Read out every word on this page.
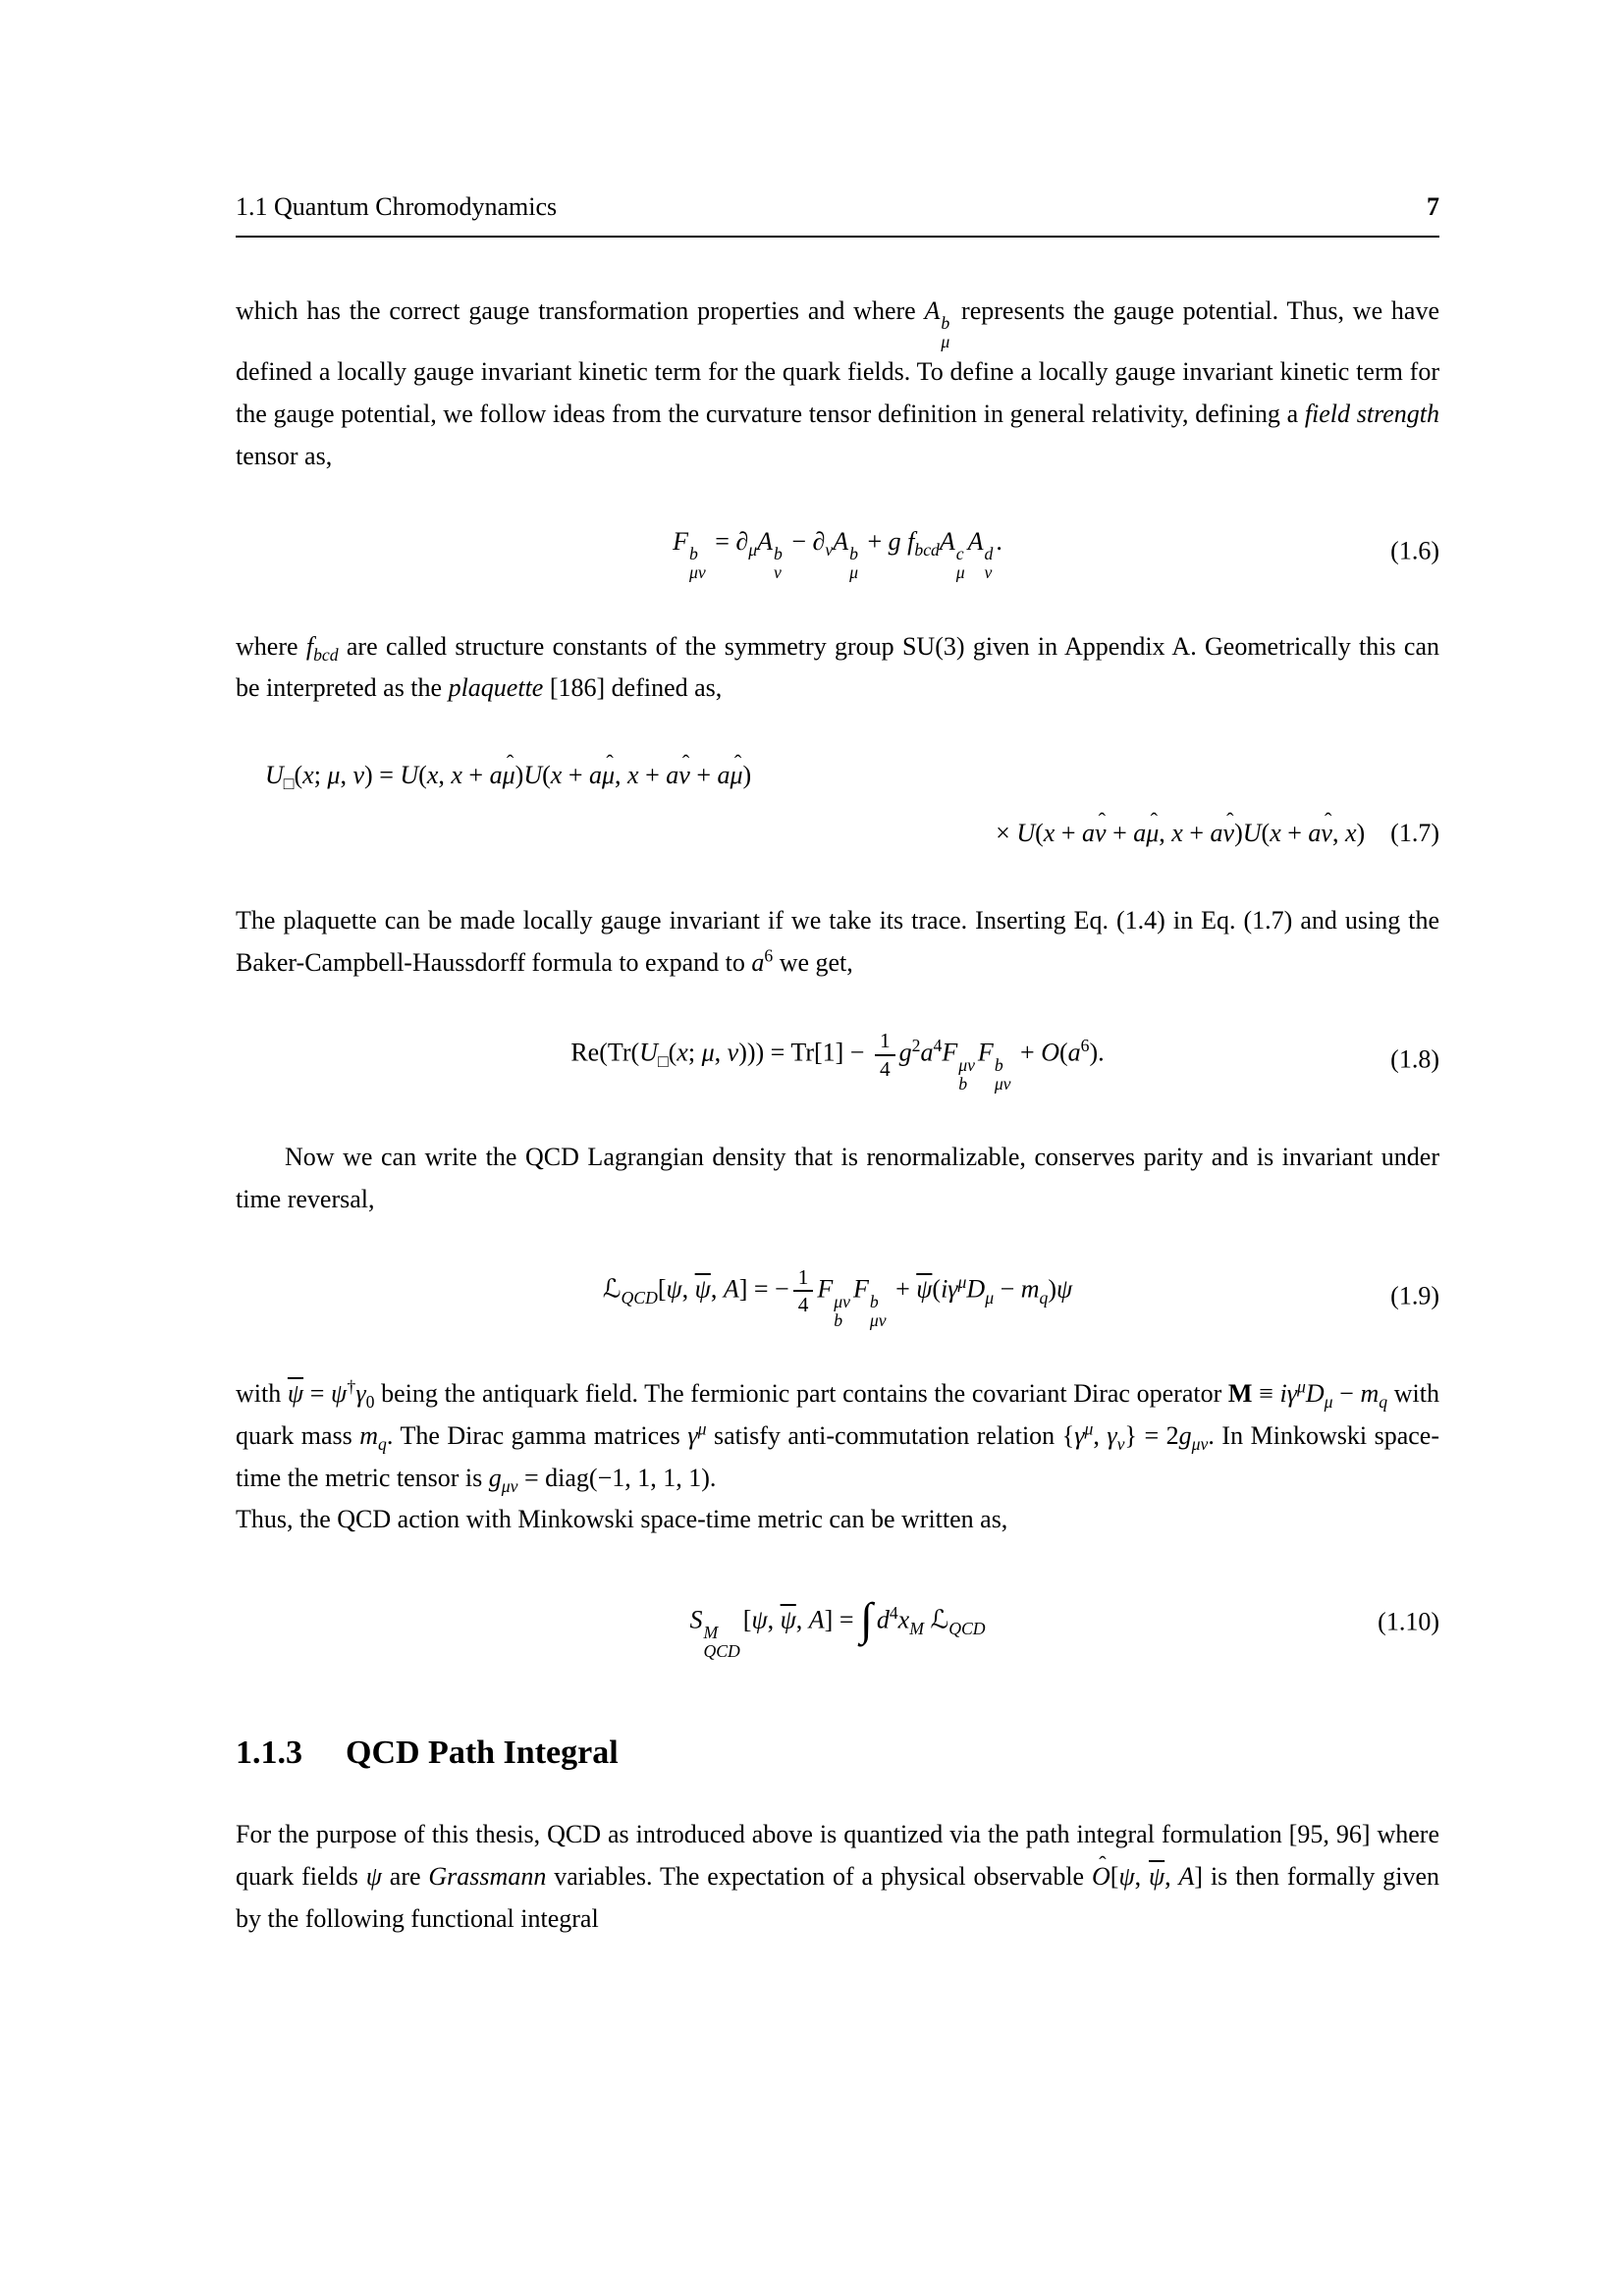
1.1 Quantum Chromodynamics	7

which has the correct gauge transformation properties and where A b
μ
represents the gauge potential. Thus, we have defined a locally gauge invariant kinetic term for the quark fields. To define a locally gauge invariant kinetic term for the gauge potential, we follow ideas from the curvature tensor definition in general relativity, defining a field strength tensor as,

F b
μν
= $\partial_\mu A$ b
ν
− $\partial_\nu A$ b
μ
+ g $f_{bcd}A$ c
μ
A d
ν
.	(1.6)

where $f_{bcd}$ are called structure constants of the symmetry group SU(3) given in Appendix A. Geometrically this can be interpreted as the plaquette [186] defined as,

$U_□(x$; μ, ν) = U(x, x + aμ ˆ)U(x + aμ ˆ, x + aν ˆ + aμ ˆ)
× U(x + aν ˆ + aμ ˆ, x + aν ˆ)U(x + aν ˆ, x) (1.7)

The plaquette can be made locally gauge invariant if we take its trace. Inserting Eq. (1.4) in Eq. (1.7) and using the Baker-Campbell-Haussdorff formula to expand to $a^6$ we get,

$Re(Tr(U_□(x$; μ, $\nu))) = Tr[1] - \frac{1}{4} g^2a^4F$ μν
b
F b
μν
+ $O(a^6)$.	(1.8)

Now we can write the QCD Lagrangian density that is renormalizable, conserves parity and is invariant under time reversal,

ℒ$_{QCD}$[ψ, $\overline{\psi}$, A] = − $\frac{1}{4}$ F μν
b
F b
μν
+ $\overline{\psi}(i\gamma^\mu D_\mu - m_q)\psi$	(1.9)

with $\overline{\psi} = \psi^\dagger\gamma_0$ being the antiquark field. The fermionic part contains the covariant Dirac operator $M \equiv i\gamma^\mu D_\mu - m_q$ with quark mass $m_q$. The Dirac gamma matrices $\gamma^\mu$ satisfy anti-commutation relation {$\gamma^\mu$, $\gamma_\nu\} = 2g_{\mu\nu}$. In Minkowski space-time the metric tensor is $g_{\mu\nu}$ = diag(−1, 1, 1, 1).

Thus, the QCD action with Minkowski space-time metric can be written as,

S M
QCD
[ψ, $\overline{\psi}$, A] = ∫ $d^4x_M$ ℒ$_{QCD}$	(1.10)
1.1.3 QCD Path Integral

For the purpose of this thesis, QCD as introduced above is quantized via the path integral formulation [95, 96] where quark fields ψ are Grassmann variables. The expectation of a physical observable O ˆ[ψ, $\overline{\psi}$, A] is then formally given by the following functional integral
